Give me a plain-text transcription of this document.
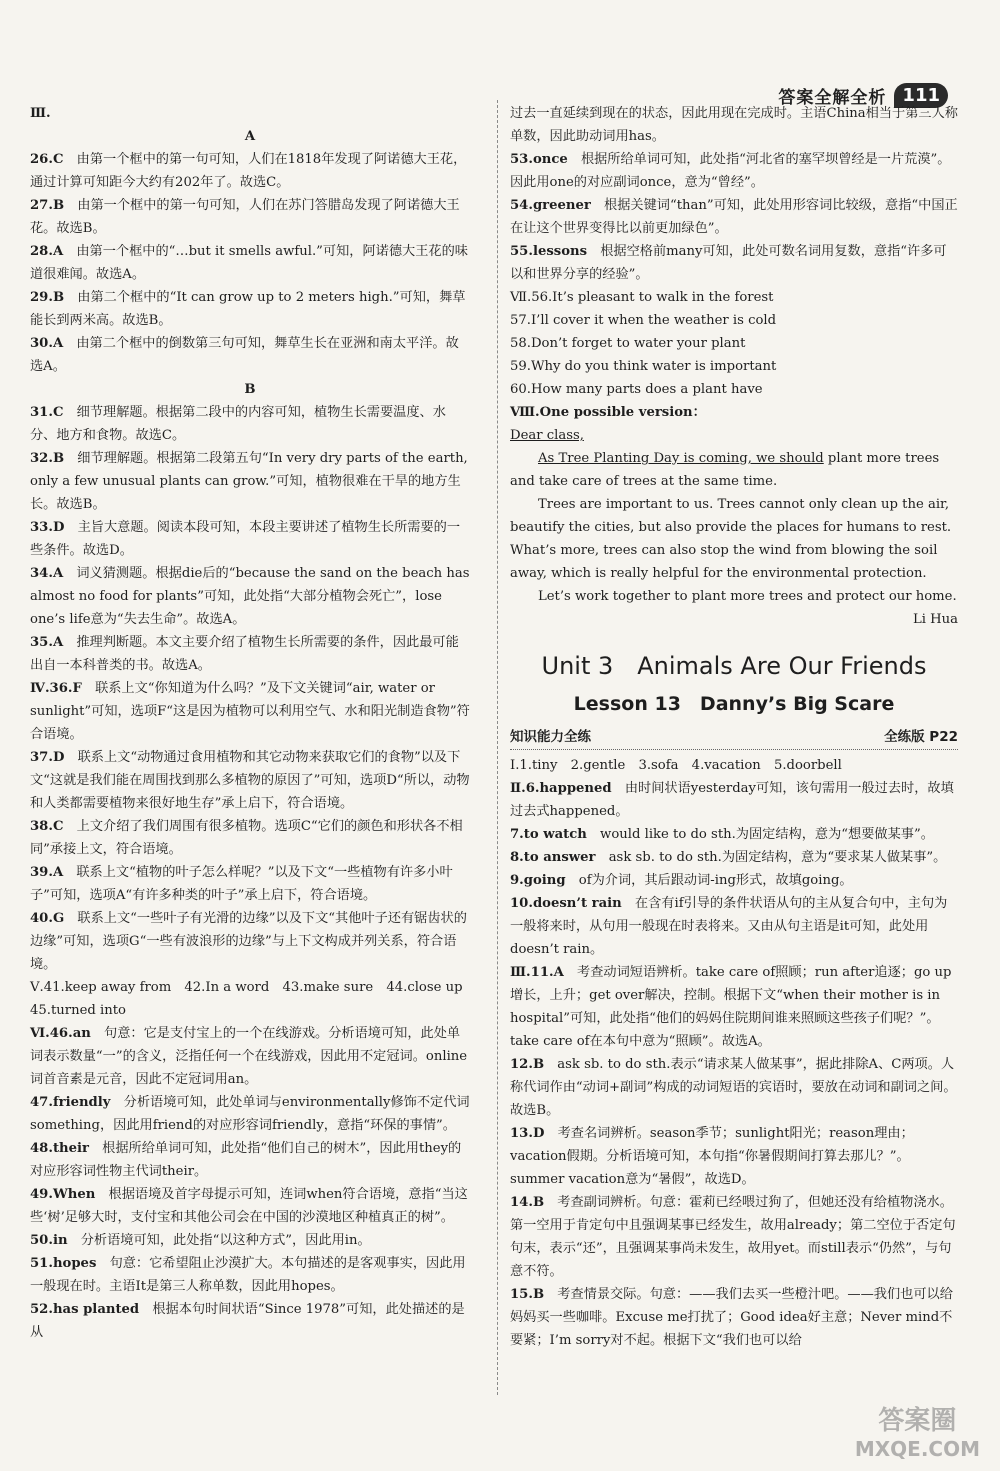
答案全解全析 111

Ⅲ.

A

26.C　 由第一个框中的第一句可知，人们在1818年发现了阿诺德大王花，通过计算可知距今大约有202年了。故选C。

27.B　 由第一个框中的第一句可知，人们在苏门答腊岛发现了阿诺德大王花。故选B。

28.A　 由第一个框中的“…but it smells awful.”可知，阿诺德大王花的味道很难闻。故选A。

29.B　 由第二个框中的“It can grow up to 2 meters high.”可知，舞草能长到两米高。故选B。

30.A　 由第二个框中的倒数第三句可知，舞草生长在亚洲和南太平洋。故选A。

B

31.C　 细节理解题。根据第二段中的内容可知，植物生长需要温度、水分、地方和食物。故选C。

32.B　 细节理解题。根据第二段第五句“In very dry parts of the earth, only a few unusual plants can grow.”可知，植物很难在干旱的地方生长。故选B。

33.D　 主旨大意题。阅读本段可知，本段主要讲述了植物生长所需要的一些条件。故选D。

34.A　 词义猜测题。根据die后的“because the sand on the beach has almost no food for plants”可知，此处指“大部分植物会死亡”，lose one’s life意为“失去生命”。故选A。

35.A　 推理判断题。本文主要介绍了植物生长所需要的条件，因此最可能出自一本科普类的书。故选A。

Ⅳ.36.F　 联系上文“你知道为什么吗？”及下文关键词“air, water or sunlight”可知，选项F“这是因为植物可以利用空气、水和阳光制造食物”符合语境。

37.D　 联系上文“动物通过食用植物和其它动物来获取它们的食物”以及下文“这就是我们能在周围找到那么多植物的原因了”可知，选项D“所以，动物和人类都需要植物来很好地生存”承上启下，符合语境。

38.C　 上文介绍了我们周围有很多植物。选项C“它们的颜色和形状各不相同”承接上文，符合语境。

39.A　 联系上文“植物的叶子怎么样呢？”以及下文“一些植物有许多小叶子”可知，选项A“有许多种类的叶子”承上启下，符合语境。

40.G　 联系上文“一些叶子有光滑的边缘”以及下文“其他叶子还有锯齿状的边缘”可知，选项G“一些有波浪形的边缘”与上下文构成并列关系，符合语境。

Ⅴ.41.keep away from　42.In a word　43.make sure　44.close up

45.turned into

Ⅵ.46.an　 句意：它是支付宝上的一个在线游戏。分析语境可知，此处单词表示数量“一”的含义，泛指任何一个在线游戏，因此用不定冠词。online词首音素是元音，因此不定冠词用an。

47.friendly　 分析语境可知，此处单词与environmentally修饰不定代词something，因此用friend的对应形容词friendly，意指“环保的事情”。

48.their　 根据所给单词可知，此处指“他们自己的树木”，因此用they的对应形容词性物主代词their。

49.When　 根据语境及首字母提示可知，连词when符合语境，意指“当这些‘树’足够大时，支付宝和其他公司会在中国的沙漠地区种植真正的树”。

50.in　 分析语境可知，此处指“以这种方式”，因此用in。

51.hopes　 句意：它希望阻止沙漠扩大。本句描述的是客观事实，因此用一般现在时。主语It是第三人称单数，因此用hopes。

52.has planted　 根据本句时间状语“Since 1978”可知，此处描述的是从

过去一直延续到现在的状态，因此用现在完成时。主语China相当于第三人称单数，因此助动词用has。

53.once　 根据所给单词可知，此处指“河北省的塞罕坝曾经是一片荒漠”。因此用one的对应副词once，意为“曾经”。

54.greener　 根据关键词“than”可知，此处用形容词比较级，意指“中国正在让这个世界变得比以前更加绿色”。

55.lessons　 根据空格前many可知，此处可数名词用复数，意指“许多可以和世界分享的经验”。

Ⅶ.56.It’s pleasant to walk in the forest

57.I’ll cover it when the weather is cold

58.Don’t forget to water your plant

59.Why do you think water is important

60.How many parts does a plant have

Ⅷ.One possible version：

Dear class,

As Tree Planting Day is coming, we should plant more trees and take care of trees at the same time.

Trees are important to us. Trees cannot only clean up the air, beautify the cities, but also provide the places for humans to rest. What’s more, trees can also stop the wind from blowing the soil away, which is really helpful for the environmental protection.

Let’s work together to plant more trees and protect our home.

Li Hua

Unit 3　Animals Are Our Friends
Lesson 13　Danny’s Big Scare
知识能力全练	全练版 P22

Ⅰ.1.tiny　2.gentle　3.sofa　4.vacation　5.doorbell

Ⅱ.6.happened　 由时间状语yesterday可知，该句需用一般过去时，故填过去式happened。

7.to watch　 would like to do sth.为固定结构，意为“想要做某事”。

8.to answer　 ask sb. to do sth.为固定结构，意为“要求某人做某事”。

9.going　 of为介词，其后跟动词-ing形式，故填going。

10.doesn’t rain　 在含有if引导的条件状语从句的主从复合句中，主句为一般将来时，从句用一般现在时表将来。又由从句主语是it可知，此处用doesn’t rain。

Ⅲ.11.A　 考查动词短语辨析。take care of照顾；run after追逐；go up增长，上升；get over解决，控制。根据下文“when their mother is in hospital”可知，此处指“他们的妈妈住院期间谁来照顾这些孩子们呢？”。take care of在本句中意为“照顾”。故选A。

12.B　 ask sb. to do sth.表示“请求某人做某事”，据此排除A、C两项。人称代词作由“动词+副词”构成的动词短语的宾语时，要放在动词和副词之间。故选B。

13.D　 考查名词辨析。season季节；sunlight阳光；reason理由；vacation假期。分析语境可知，本句指“你暑假期间打算去那儿？”。summer vacation意为“暑假”，故选D。

14.B　 考查副词辨析。句意：霍莉已经喂过狗了，但她还没有给植物浇水。第一空用于肯定句中且强调某事已经发生，故用already；第二空位于否定句句末，表示“还”，且强调某事尚未发生，故用yet。而still表示“仍然”，与句意不符。

15.B　 考查情景交际。句意：——我们去买一些橙汁吧。——我们也可以给妈妈买一些咖啡。Excuse me打扰了；Good idea好主意；Never mind不要紧；I’m sorry对不起。根据下文“我们也可以给

答案圈
MXQE.COM
